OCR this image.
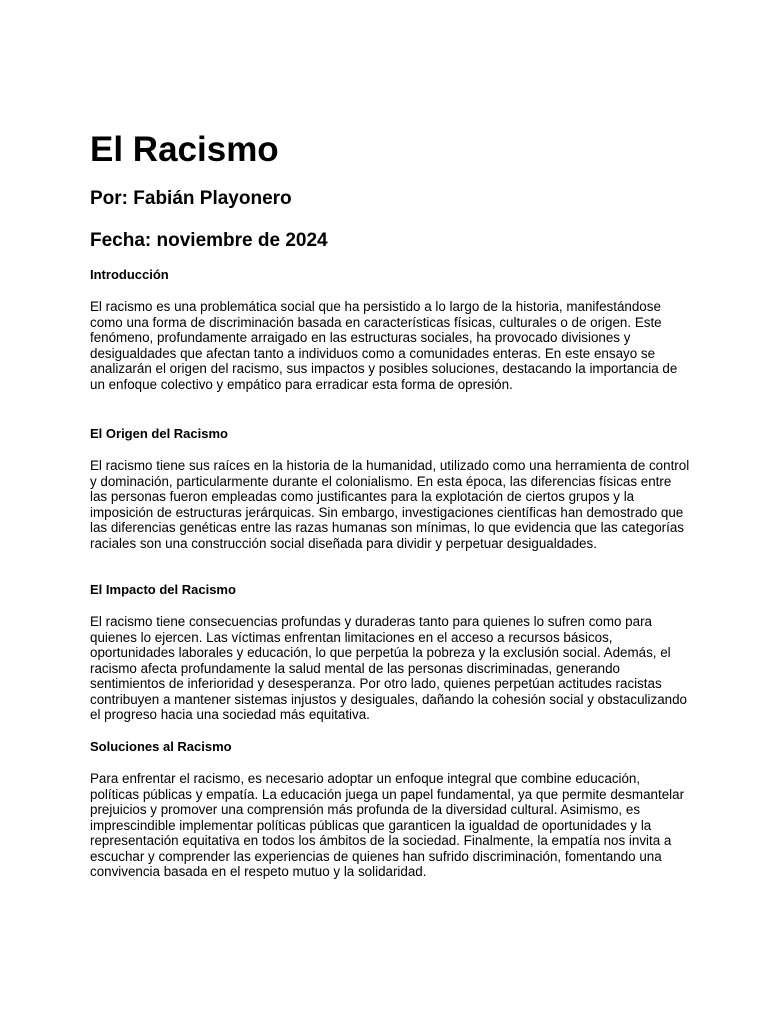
El Racismo
Por: Fabián Playonero
Fecha: noviembre de 2024
Introducción

El racismo es una problemática social que ha persistido a lo largo de la historia, manifestándose como una forma de discriminación basada en características físicas, culturales o de origen. Este fenómeno, profundamente arraigado en las estructuras sociales, ha provocado divisiones y desigualdades que afectan tanto a individuos como a comunidades enteras. En este ensayo se analizarán el origen del racismo, sus impactos y posibles soluciones, destacando la importancia de un enfoque colectivo y empático para erradicar esta forma de opresión.

El Origen del Racismo

El racismo tiene sus raíces en la historia de la humanidad, utilizado como una herramienta de control y dominación, particularmente durante el colonialismo. En esta época, las diferencias físicas entre las personas fueron empleadas como justificantes para la explotación de ciertos grupos y la imposición de estructuras jerárquicas. Sin embargo, investigaciones científicas han demostrado que las diferencias genéticas entre las razas humanas son mínimas, lo que evidencia que las categorías raciales son una construcción social diseñada para dividir y perpetuar desigualdades.

El Impacto del Racismo

El racismo tiene consecuencias profundas y duraderas tanto para quienes lo sufren como para quienes lo ejercen. Las víctimas enfrentan limitaciones en el acceso a recursos básicos, oportunidades laborales y educación, lo que perpetúa la pobreza y la exclusión social. Además, el racismo afecta profundamente la salud mental de las personas discriminadas, generando sentimientos de inferioridad y desesperanza. Por otro lado, quienes perpetúan actitudes racistas contribuyen a mantener sistemas injustos y desiguales, dañando la cohesión social y obstaculizando el progreso hacia una sociedad más equitativa.

Soluciones al Racismo

Para enfrentar el racismo, es necesario adoptar un enfoque integral que combine educación, políticas públicas y empatía. La educación juega un papel fundamental, ya que permite desmantelar prejuicios y promover una comprensión más profunda de la diversidad cultural. Asimismo, es imprescindible implementar políticas públicas que garanticen la igualdad de oportunidades y la representación equitativa en todos los ámbitos de la sociedad. Finalmente, la empatía nos invita a escuchar y comprender las experiencias de quienes han sufrido discriminación, fomentando una convivencia basada en el respeto mutuo y la solidaridad.
